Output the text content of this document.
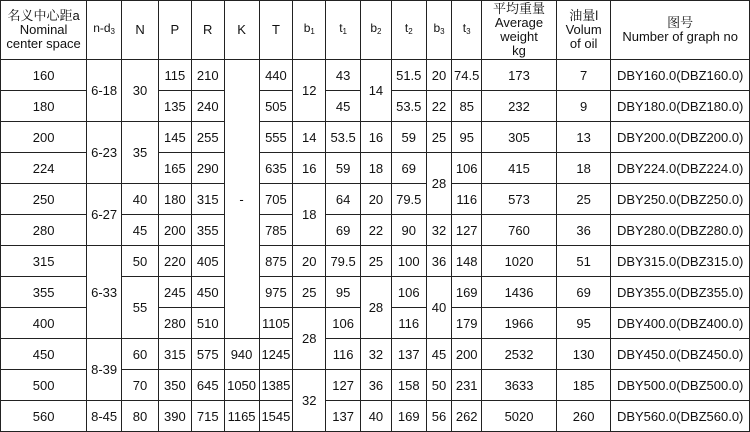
名义中心距a
Nominal
center space	$n-d_3$	N	P	R	K	T	$b_1$	$t_1$	$b_2$	$t_2$	$b_3$	$t_3$	平均重量
Average
weight
kg	油量l
Volum
of oil	图号
Number of graph no

160	6-18	30	115	210	-	440	12	43	14	51.5	20	74.5	173	7	DBY160.0(DBZ160.0)
180			135	240		505		45		53.5	22	85	232	9	DBY180.0(DBZ180.0)
200	6-23	35	145	255		555	14	53.5	16	59	25	95	305	13	DBY200.0(DBZ200.0)
224			165	290		635	16	59	18	69	28	106	415	18	DBY224.0(DBZ224.0)
250	6-27	40	180	315		705	18	64	20	79.5		116	573	25	DBY250.0(DBZ250.0)
280		45	200	355		785		69	22	90	32	127	760	36	DBY280.0(DBZ280.0)
315	6-33	50	220	405		875	20	79.5	25	100	36	148	1020	51	DBY315.0(DBZ315.0)
355		55	245	450		975	25	95	28	106	40	169	1436	69	DBY355.0(DBZ355.0)
400			280	510		1105	28	106		116		179	1966	95	DBY400.0(DBZ400.0)
450	8-39	60	315	575	940	1245		116	32	137	45	200	2532	130	DBY450.0(DBZ450.0)
500		70	350	645	1050	1385	32	127	36	158	50	231	3633	185	DBY500.0(DBZ500.0)
560	8-45	80	390	715	1165	1545		137	40	169	56	262	5020	260	DBY560.0(DBZ560.0)
